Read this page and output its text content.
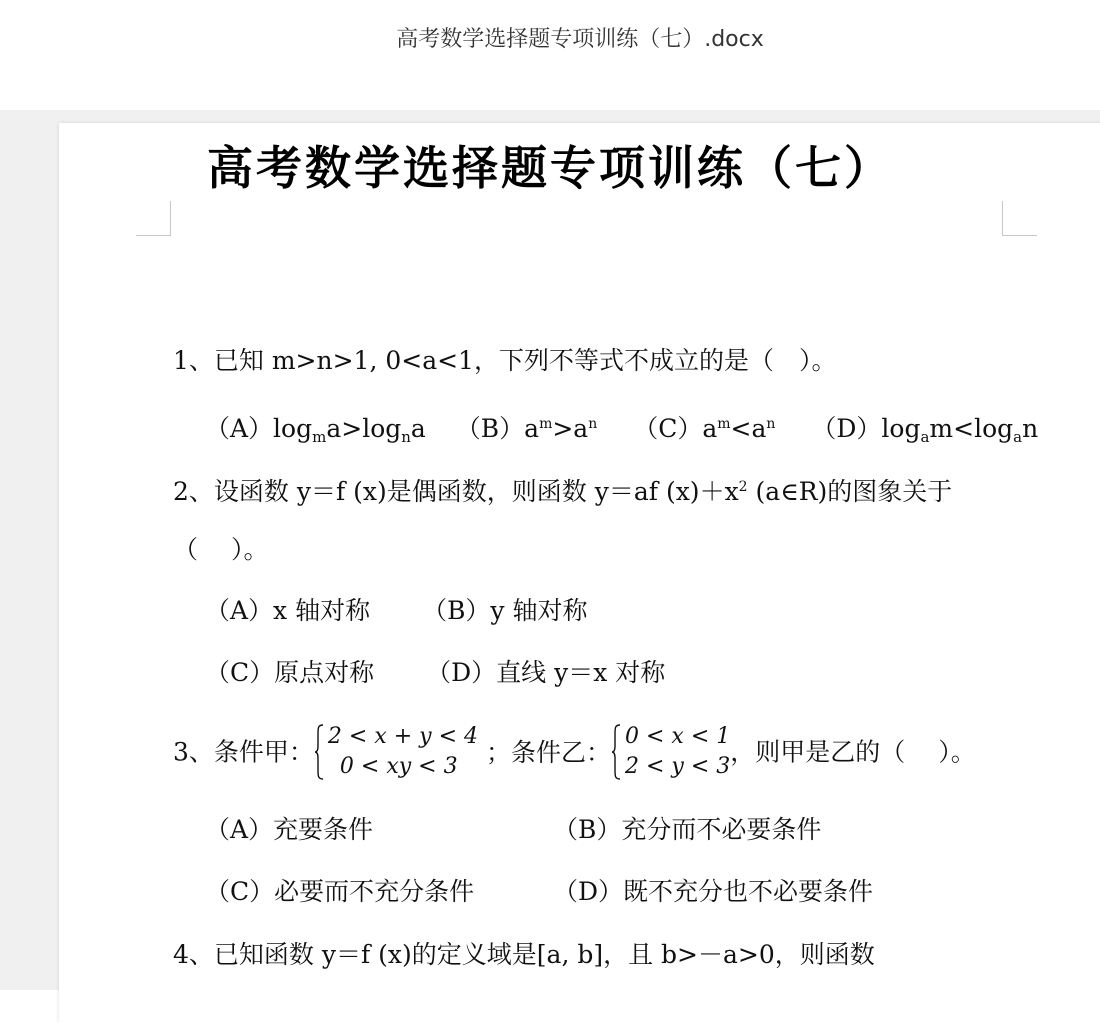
高考数学选择题专项训练（七）.docx
高考数学选择题专项训练（七）
1、已知 m>n>1, 0<a<1，下列不等式不成立的是（　）。
$(A)\log_ma>\log_na$ $(B)a^m>a^n$ $(C)a^m<a^n$ $(D)\log_am<\log_an$
2、设函数 y＝f (x)是偶函数，则函数 y＝af $(x)+x^2$ (a∈R)的图象关于
（　 ）。
（A）x 轴对称 （B）y 轴对称
（C）原点对称 （D）直线 y＝x 对称
3、条件甲：
2 < x + y < 4
0 < xy < 3	；条件乙：
0 < x < 1
2 < y < 3 ，则甲是乙的（　 ）。
（A）充要条件	（B）充分而不必要条件
（C）必要而不充分条件	（D）既不充分也不必要条件
4、已知函数 y＝f (x)的定义域是[a, b]，且 b>－a>0，则函数
